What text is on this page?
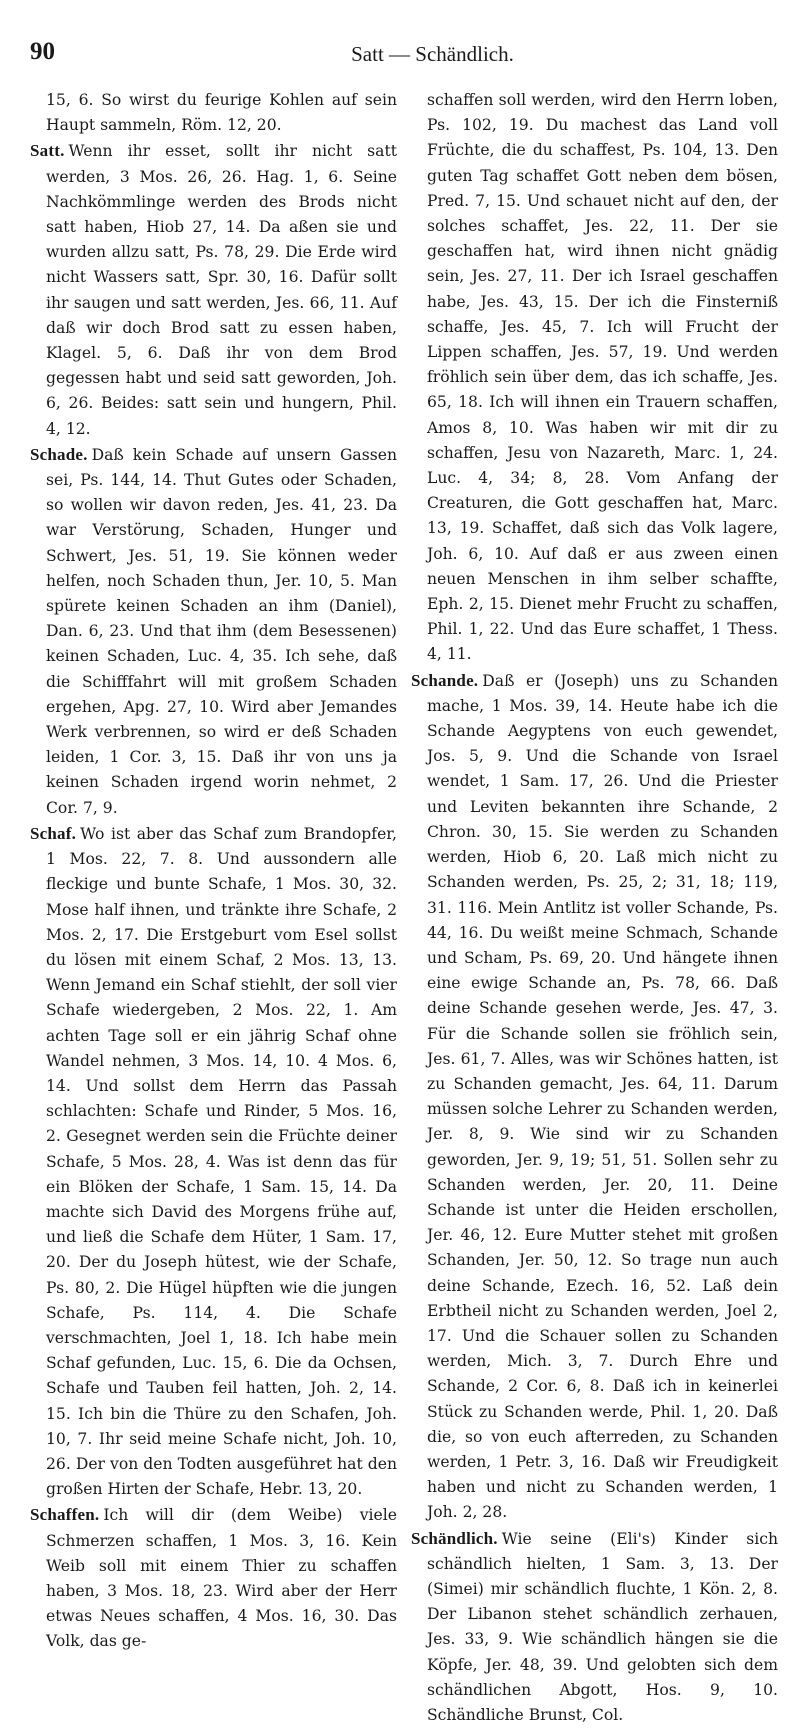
90	Satt — Schändlich.

15, 6. So wirst du feurige Kohlen auf sein Haupt sammeln, Röm. 12, 20.

Satt. Wenn ihr esset, sollt ihr nicht satt werden, 3 Mos. 26, 26. Hag. 1, 6. Seine Nachkömmlinge werden des Brods nicht satt haben, Hiob 27, 14. Da aßen sie und wurden allzu satt, Ps. 78, 29. Die Erde wird nicht Wassers satt, Spr. 30, 16. Dafür sollt ihr saugen und satt werden, Jes. 66, 11. Auf daß wir doch Brod satt zu essen haben, Klagel. 5, 6. Daß ihr von dem Brod gegessen habt und seid satt geworden, Joh. 6, 26. Beides: satt sein und hungern, Phil. 4, 12.

Schade. Daß kein Schade auf unsern Gassen sei, Ps. 144, 14. Thut Gutes oder Schaden, so wollen wir davon reden, Jes. 41, 23. Da war Verstörung, Schaden, Hunger und Schwert, Jes. 51, 19. Sie können weder helfen, noch Schaden thun, Jer. 10, 5. Man spürete keinen Schaden an ihm (Daniel), Dan. 6, 23. Und that ihm (dem Besessenen) keinen Schaden, Luc. 4, 35. Ich sehe, daß die Schifffahrt will mit großem Schaden ergehen, Apg. 27, 10. Wird aber Jemandes Werk verbrennen, so wird er deß Schaden leiden, 1 Cor. 3, 15. Daß ihr von uns ja keinen Schaden irgend worin nehmet, 2 Cor. 7, 9.

Schaf. Wo ist aber das Schaf zum Brandopfer, 1 Mos. 22, 7. 8. Und aussondern alle fleckige und bunte Schafe, 1 Mos. 30, 32. Mose half ihnen, und tränkte ihre Schafe, 2 Mos. 2, 17. Die Erstgeburt vom Esel sollst du lösen mit einem Schaf, 2 Mos. 13, 13. Wenn Jemand ein Schaf stiehlt, der soll vier Schafe wiedergeben, 2 Mos. 22, 1. Am achten Tage soll er ein jährig Schaf ohne Wandel nehmen, 3 Mos. 14, 10. 4 Mos. 6, 14. Und sollst dem Herrn das Passah schlachten: Schafe und Rinder, 5 Mos. 16, 2. Gesegnet werden sein die Früchte deiner Schafe, 5 Mos. 28, 4. Was ist denn das für ein Blöken der Schafe, 1 Sam. 15, 14. Da machte sich David des Morgens frühe auf, und ließ die Schafe dem Hüter, 1 Sam. 17, 20. Der du Joseph hütest, wie der Schafe, Ps. 80, 2. Die Hügel hüpften wie die jungen Schafe, Ps. 114, 4. Die Schafe verschmachten, Joel 1, 18. Ich habe mein Schaf gefunden, Luc. 15, 6. Die da Ochsen, Schafe und Tauben feil hatten, Joh. 2, 14. 15. Ich bin die Thüre zu den Schafen, Joh. 10, 7. Ihr seid meine Schafe nicht, Joh. 10, 26. Der von den Todten ausgeführet hat den großen Hirten der Schafe, Hebr. 13, 20.

Schaffen. Ich will dir (dem Weibe) viele Schmerzen schaffen, 1 Mos. 3, 16. Kein Weib soll mit einem Thier zu schaffen haben, 3 Mos. 18, 23. Wird aber der Herr etwas Neues schaffen, 4 Mos. 16, 30. Das Volk, das ge-

schaffen soll werden, wird den Herrn loben, Ps. 102, 19. Du machest das Land voll Früchte, die du schaffest, Ps. 104, 13. Den guten Tag schaffet Gott neben dem bösen, Pred. 7, 15. Und schauet nicht auf den, der solches schaffet, Jes. 22, 11. Der sie geschaffen hat, wird ihnen nicht gnädig sein, Jes. 27, 11. Der ich Israel geschaffen habe, Jes. 43, 15. Der ich die Finsterniß schaffe, Jes. 45, 7. Ich will Frucht der Lippen schaffen, Jes. 57, 19. Und werden fröhlich sein über dem, das ich schaffe, Jes. 65, 18. Ich will ihnen ein Trauern schaffen, Amos 8, 10. Was haben wir mit dir zu schaffen, Jesu von Nazareth, Marc. 1, 24. Luc. 4, 34; 8, 28. Vom Anfang der Creaturen, die Gott geschaffen hat, Marc. 13, 19. Schaffet, daß sich das Volk lagere, Joh. 6, 10. Auf daß er aus zween einen neuen Menschen in ihm selber schaffte, Eph. 2, 15. Dienet mehr Frucht zu schaffen, Phil. 1, 22. Und das Eure schaffet, 1 Thess. 4, 11.

Schande. Daß er (Joseph) uns zu Schanden mache, 1 Mos. 39, 14. Heute habe ich die Schande Aegyptens von euch gewendet, Jos. 5, 9. Und die Schande von Israel wendet, 1 Sam. 17, 26. Und die Priester und Leviten bekannten ihre Schande, 2 Chron. 30, 15. Sie werden zu Schanden werden, Hiob 6, 20. Laß mich nicht zu Schanden werden, Ps. 25, 2; 31, 18; 119, 31. 116. Mein Antlitz ist voller Schande, Ps. 44, 16. Du weißt meine Schmach, Schande und Scham, Ps. 69, 20. Und hängete ihnen eine ewige Schande an, Ps. 78, 66. Daß deine Schande gesehen werde, Jes. 47, 3. Für die Schande sollen sie fröhlich sein, Jes. 61, 7. Alles, was wir Schönes hatten, ist zu Schanden gemacht, Jes. 64, 11. Darum müssen solche Lehrer zu Schanden werden, Jer. 8, 9. Wie sind wir zu Schanden geworden, Jer. 9, 19; 51, 51. Sollen sehr zu Schanden werden, Jer. 20, 11. Deine Schande ist unter die Heiden erschollen, Jer. 46, 12. Eure Mutter stehet mit großen Schanden, Jer. 50, 12. So trage nun auch deine Schande, Ezech. 16, 52. Laß dein Erbtheil nicht zu Schanden werden, Joel 2, 17. Und die Schauer sollen zu Schanden werden, Mich. 3, 7. Durch Ehre und Schande, 2 Cor. 6, 8. Daß ich in keinerlei Stück zu Schanden werde, Phil. 1, 20. Daß die, so von euch afterreden, zu Schanden werden, 1 Petr. 3, 16. Daß wir Freudigkeit haben und nicht zu Schanden werden, 1 Joh. 2, 28.

Schändlich. Wie seine (Eli's) Kinder sich schändlich hielten, 1 Sam. 3, 13. Der (Simei) mir schändlich fluchte, 1 Kön. 2, 8. Der Libanon stehet schändlich zerhauen, Jes. 33, 9. Wie schändlich hängen sie die Köpfe, Jer. 48, 39. Und gelobten sich dem schändlichen Abgott, Hos. 9, 10. Schändliche Brunst, Col.
